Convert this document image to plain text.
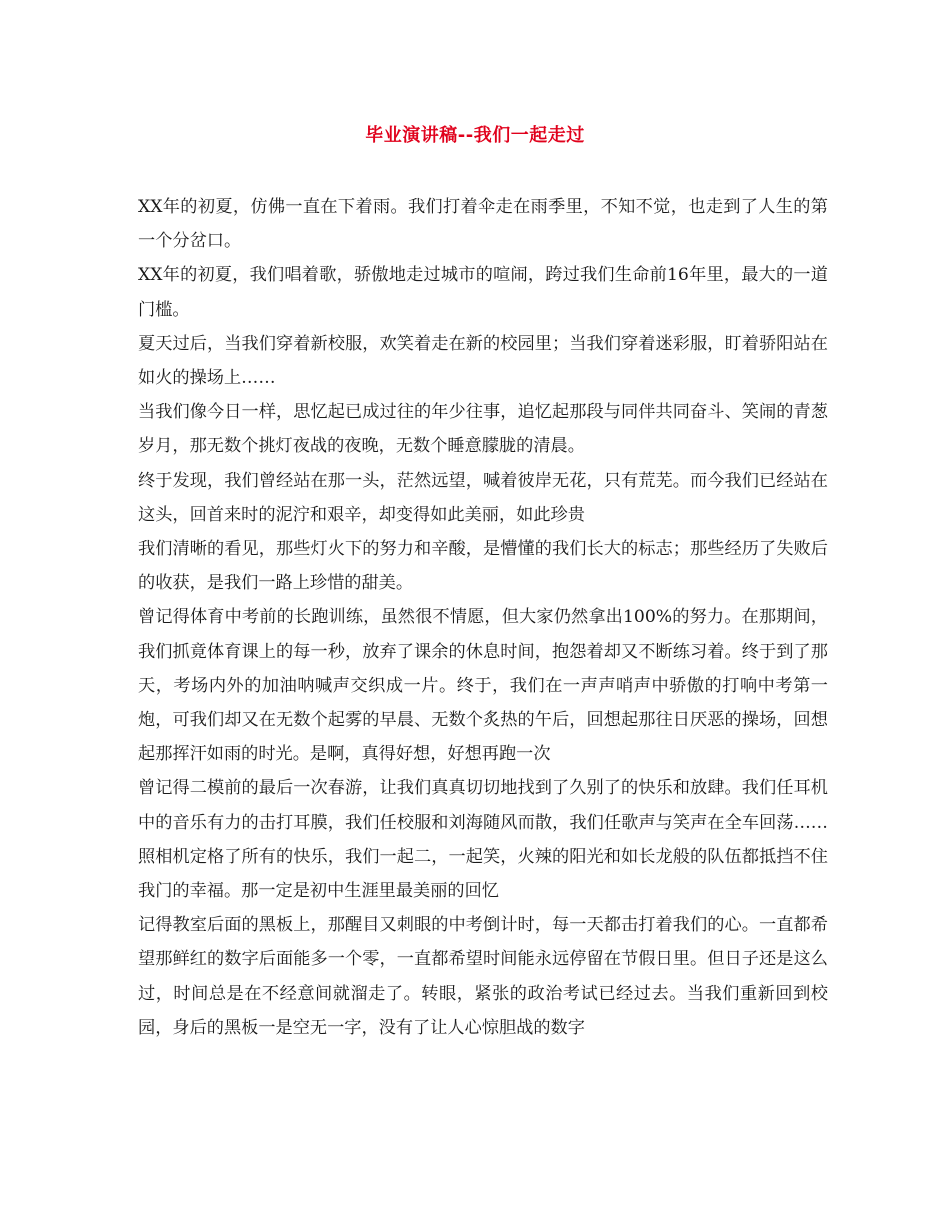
毕业演讲稿--我们一起走过

XX年的初夏，仿佛一直在下着雨。我们打着伞走在雨季里，不知不觉，也走到了人生的第一个分岔口。

XX年的初夏，我们唱着歌，骄傲地走过城市的喧闹，跨过我们生命前16年里，最大的一道门槛。

夏天过后，当我们穿着新校服，欢笑着走在新的校园里；当我们穿着迷彩服，盯着骄阳站在如火的操场上……

当我们像今日一样，思忆起已成过往的年少往事，追忆起那段与同伴共同奋斗、笑闹的青葱岁月，那无数个挑灯夜战的夜晚，无数个睡意朦胧的清晨。

终于发现，我们曾经站在那一头，茫然远望，喊着彼岸无花，只有荒芜。而今我们已经站在这头，回首来时的泥泞和艰辛，却变得如此美丽，如此珍贵

我们清晰的看见，那些灯火下的努力和辛酸，是懵懂的我们长大的标志；那些经历了失败后的收获，是我们一路上珍惜的甜美。

曾记得体育中考前的长跑训练，虽然很不情愿，但大家仍然拿出100%的努力。在那期间，我们抓竟体育课上的每一秒，放弃了课余的休息时间，抱怨着却又不断练习着。终于到了那天，考场内外的加油呐喊声交织成一片。终于，我们在一声声哨声中骄傲的打响中考第一炮，可我们却又在无数个起雾的早晨、无数个炙热的午后，回想起那往日厌恶的操场，回想起那挥汗如雨的时光。是啊，真得好想，好想再跑一次

曾记得二模前的最后一次春游，让我们真真切切地找到了久别了的快乐和放肆。我们任耳机中的音乐有力的击打耳膜，我们任校服和刘海随风而散，我们任歌声与笑声在全车回荡……照相机定格了所有的快乐，我们一起二，一起笑，火辣的阳光和如长龙般的队伍都抵挡不住我门的幸福。那一定是初中生涯里最美丽的回忆

记得教室后面的黑板上，那醒目又刺眼的中考倒计时，每一天都击打着我们的心。一直都希望那鲜红的数字后面能多一个零，一直都希望时间能永远停留在节假日里。但日子还是这么过，时间总是在不经意间就溜走了。转眼，紧张的政治考试已经过去。当我们重新回到校园，身后的黑板一是空无一字，没有了让人心惊胆战的数字
